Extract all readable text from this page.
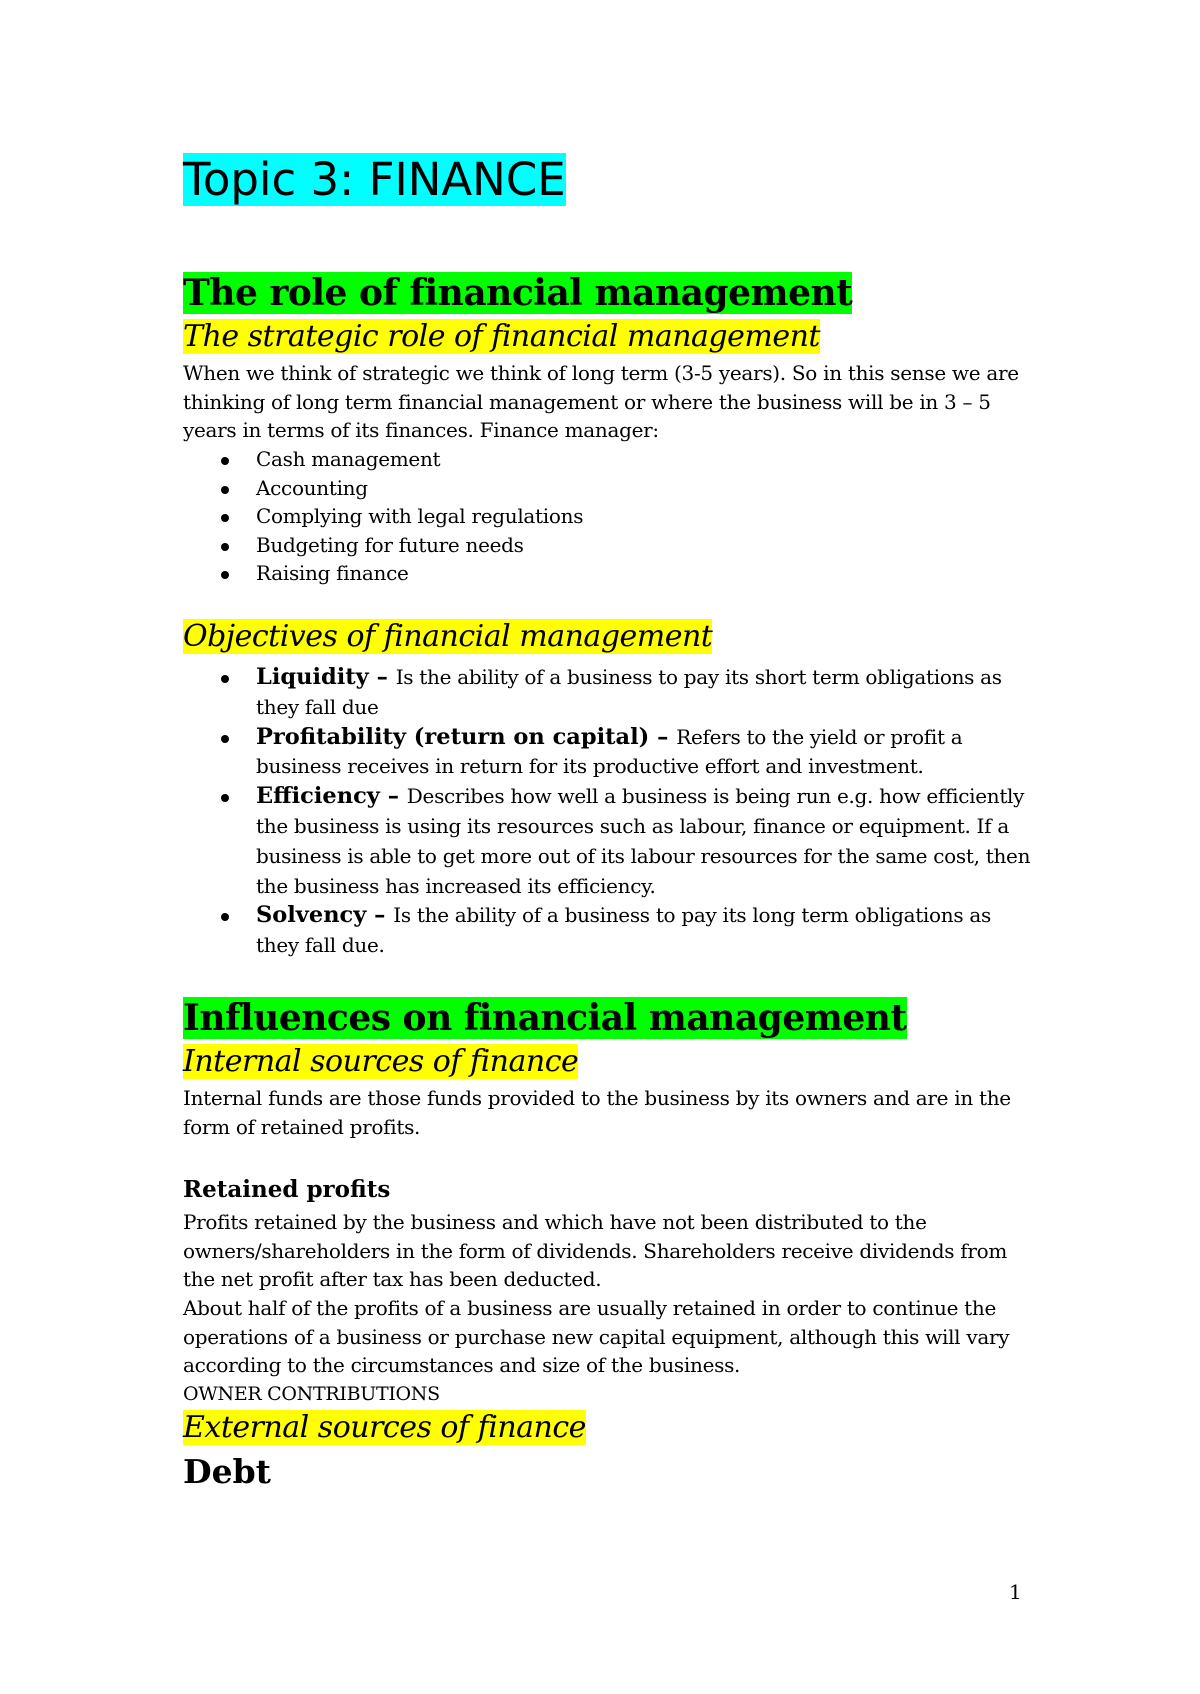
Topic 3: FINANCE
The role of financial management
The strategic role of financial management
When we think of strategic we think of long term (3-5 years). So in this sense we are thinking of long term financial management or where the business will be in 3 – 5 years in terms of its finances. Finance manager:
Cash management
Accounting
Complying with legal regulations
Budgeting for future needs
Raising finance
Objectives of financial management
Liquidity – Is the ability of a business to pay its short term obligations as they fall due
Profitability (return on capital) – Refers to the yield or profit a business receives in return for its productive effort and investment.
Efficiency – Describes how well a business is being run e.g. how efficiently the business is using its resources such as labour, finance or equipment. If a business is able to get more out of its labour resources for the same cost, then the business has increased its efficiency.
Solvency – Is the ability of a business to pay its long term obligations as they fall due.
Influences on financial management
Internal sources of finance
Internal funds are those funds provided to the business by its owners and are in the form of retained profits.
Retained profits
Profits retained by the business and which have not been distributed to the owners/shareholders in the form of dividends. Shareholders receive dividends from the net profit after tax has been deducted.
About half of the profits of a business are usually retained in order to continue the operations of a business or purchase new capital equipment, although this will vary according to the circumstances and size of the business.
OWNER CONTRIBUTIONS
External sources of finance
Debt
1
